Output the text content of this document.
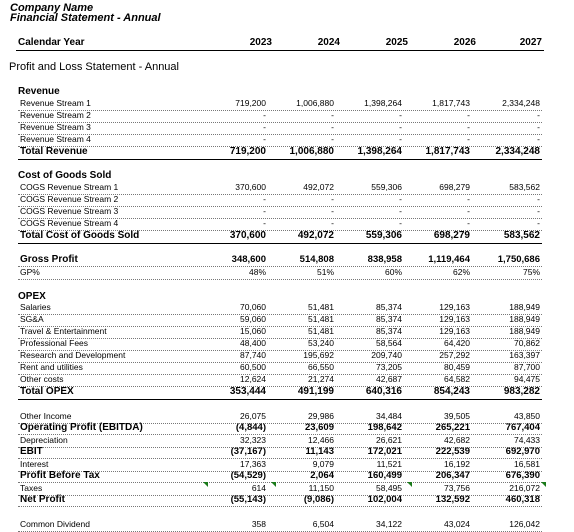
Company Name
Financial Statement - Annual
Calendar Year	2023	2024	2025	2026	2027
Profit and Loss Statement - Annual
Revenue
Revenue Stream 1	719,200	1,006,880	1,398,264	1,817,743	2,334,248
Revenue Stream 2	-	-	-	-	-
Revenue Stream 3	-	-	-	-	-
Revenue Stream 4	-	-	-	-	-
Total Revenue	719,200	1,006,880	1,398,264	1,817,743	2,334,248
Cost of Goods Sold
COGS Revenue Stream 1	370,600	492,072	559,306	698,279	583,562
COGS Revenue Stream 2	-	-	-	-	-
COGS Revenue Stream 3	-	-	-	-	-
COGS Revenue Stream 4	-	-	-	-	-
Total Cost of Goods Sold	370,600	492,072	559,306	698,279	583,562
Gross Profit	348,600	514,808	838,958	1,119,464	1,750,686
GP%	48%	51%	60%	62%	75%
OPEX
Salaries	70,060	51,481	85,374	129,163	188,949
SG&A	59,060	51,481	85,374	129,163	188,949
Travel & Entertainment	15,060	51,481	85,374	129,163	188,949
Professional Fees	48,400	53,240	58,564	64,420	70,862
Research and Development	87,740	195,692	209,740	257,292	163,397
Rent and utilities	60,500	66,550	73,205	80,459	87,700
Other costs	12,624	21,274	42,687	64,582	94,475
Total OPEX	353,444	491,199	640,316	854,243	983,282
Other Income	26,075	29,986	34,484	39,505	43,850
Operating Profit (EBITDA)	(4,844)	23,609	198,642	265,221	767,404
Depreciation	32,323	12,466	26,621	42,682	74,433
EBIT	(37,167)	11,143	172,021	222,539	692,970
Interest	17,363	9,079	11,521	16,192	16,581
Profit Before Tax	(54,529)	2,064	160,499	206,347	676,390
Taxes	614	11,150	58,495	73,756	216,072
Net Profit	(55,143)	(9,086)	102,004	132,592	460,318
Common Dividend	358	6,504	34,122	43,024	126,042
